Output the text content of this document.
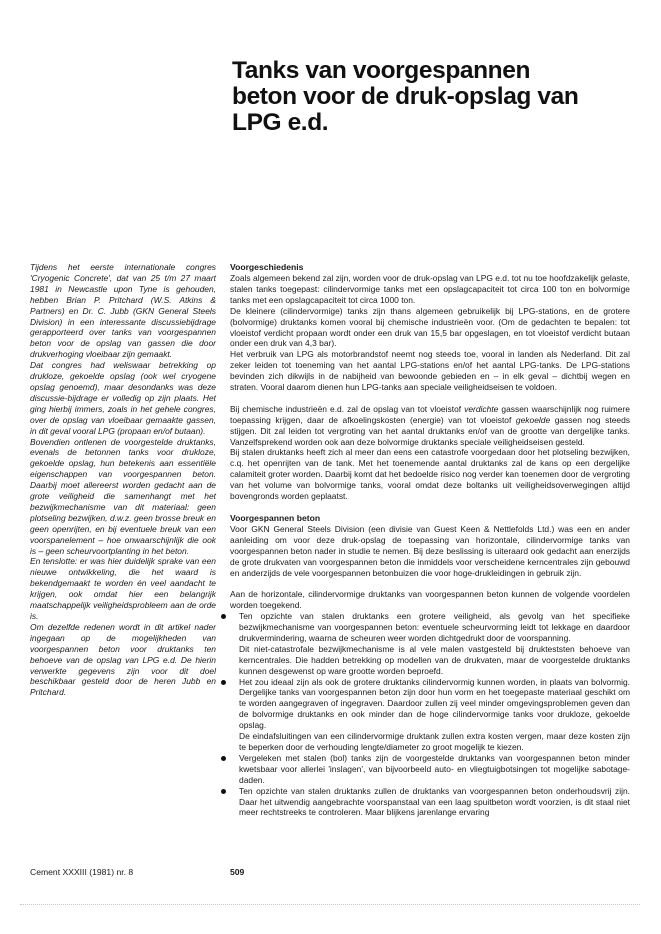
Tanks van voorgespannen
beton voor de druk-opslag van
LPG e.d.

Tijdens het eerste internationale congres 'Cryogenic Concrete', dat van 25 t/m 27 maart 1981 in Newcastle upon Tyne is gehouden, hebben Brian P. Pritchard (W.S. Atkins & Partners) en Dr. C. Jubb (GKN General Steels Division) in een interessante discussiebijdrage gerapporteerd over tanks van voorgespannen beton voor de opslag van gassen die door drukverhoging vloeibaar zijn gemaakt.

Dat congres had weliswaar betrekking op drukloze, gekoelde opslag (ook wel cryogene opslag genoemd), maar desondanks was deze discussie-bijdrage er volledig op zijn plaats. Het ging hierbij immers, zoals in het gehele congres, over de opslag van vloeibaar gemaakte gassen, in dit geval vooral LPG (propaan en/of butaan).

Bovendien ontlenen de voorgestelde druktanks, evenals de betonnen tanks voor drukloze, gekoelde opslag, hun betekenis aan essentiële eigenschappen van voorgespannen beton. Daarbij moet allereerst worden gedacht aan de grote veiligheid die samenhangt met het bezwijkmechanisme van dit materiaal: geen plotseling bezwijken, d.w.z. geen brosse breuk en geen openrijten, en bij eventuele breuk van een voorspanelement – hoe onwaarschijnlijk die ook is – geen scheurvoortplanting in het beton.

En tenslotte: er was hier duidelijk sprake van een nieuwe ontwikkeling, die het waard is bekendgemaakt te worden én veel aandacht te krijgen, ook omdat hier een belangrijk maatschappelijk veiligheidsprobleem aan de orde is.

Om dezelfde redenen wordt in dit artikel nader ingegaan op de mogelijkheden van voorgespannen beton voor druktanks ten behoeve van de opslag van LPG e.d. De hierin verwerkte gegevens zijn voor dit doel beschikbaar gesteld door de heren Jubb en Pritchard.

Voorgeschiedenis

Zoals algemeen bekend zal zijn, worden voor de druk-opslag van LPG e.d. tot nu toe hoofdzakelijk gelaste, stalen tanks toegepast: cilindervormige tanks met een opslagcapaciteit tot circa 100 ton en bolvormige tanks met een opslagcapaciteit tot circa 1000 ton.

De kleinere (cilindervormige) tanks zijn thans algemeen gebruikelijk bij LPG-stations, en de grotere (bolvormige) druktanks komen vooral bij chemische industrieën voor. (Om de gedachten te bepalen: tot vloeistof verdicht propaan wordt onder een druk van 15,5 bar opgeslagen, en tot vloeistof verdicht butaan onder een druk van 4,3 bar).

Het verbruik van LPG als motorbrandstof neemt nog steeds toe, vooral in landen als Nederland. Dit zal zeker leiden tot toeneming van het aantal LPG-stations en/of het aantal LPG-tanks. De LPG-stations bevinden zich dikwijls in de nabijheid van bewoonde gebieden en – in elk geval – dichtbij wegen en straten. Vooral daarom dienen hun LPG-tanks aan speciale veiligheidseisen te voldoen.

Bij chemische industrieën e.d. zal de opslag van tot vloeistof verdichte gassen waarschijnlijk nog ruimere toepassing krijgen, daar de afkoelingskosten (energie) van tot vloeistof gekoelde gassen nog steeds stijgen. Dit zal leiden tot vergroting van het aantal druktanks en/of van de grootte van dergelijke tanks. Vanzelfsprekend worden ook aan deze bolvormige druktanks speciale veiligheidseisen gesteld.

Bij stalen druktanks heeft zich al meer dan eens een catastrofe voorgedaan door het plotseling bezwijken, c.q. het openrijten van de tank. Met het toenemende aantal druktanks zal de kans op een dergelijke calamiteit groter worden. Daarbij komt dat het bedoelde risico nog verder kan toenemen door de vergroting van het volume van bolvormige tanks, vooral omdat deze boltanks uit veiligheidsoverwegingen altijd bovengronds worden geplaatst.

Voorgespannen beton

Voor GKN General Steels Division (een divisie van Guest Keen & Nettlefolds Ltd.) was een en ander aanleiding om voor deze druk-opslag de toepassing van horizontale, cilindervormige tanks van voorgespannen beton nader in studie te nemen. Bij deze beslissing is uiteraard ook gedacht aan enerzijds de grote drukvaten van voorgespannen beton die inmiddels voor verscheidene kerncentrales zijn gebouwd en anderzijds de vele voorgespannen betonbuizen die voor hoge-drukleidingen in gebruik zijn.

Aan de horizontale, cilindervormige druktanks van voorgespannen beton kunnen de volgende voordelen worden toegekend.

Ten opzichte van stalen druktanks een grotere veiligheid, als gevolg van het specifieke bezwijkmechanisme van voorgespannen beton: eventuele scheurvorming leidt tot lekkage en daardoor drukvermindering, waarna de scheuren weer worden dichtgedrukt door de voorspanning.
Dit niet-catastrofale bezwijkmechanisme is al vele malen vastgesteld bij drukteststen behoeve van kerncentrales. Die hadden betrekking op modellen van de drukvaten, maar de voorgestelde druktanks kunnen desgewenst op ware grootte worden beproefd.
Het zou ideaal zijn als ook de grotere druktanks cilindervormig kunnen worden, in plaats van bolvormig. Dergelijke tanks van voorgespannen beton zijn door hun vorm en het toegepaste materiaal geschikt om te worden aangegraven of ingegraven. Daardoor zullen zij veel minder omgevingsproblemen geven dan de bolvormige druktanks en ook minder dan de hoge cilindervormige tanks voor drukloze, gekoelde opslag.
De eindafsluitingen van een cilindervormige druktank zullen extra kosten vergen, maar deze kosten zijn te beperken door de verhouding lengte/diameter zo groot mogelijk te kiezen.
Vergeleken met stalen (bol) tanks zijn de voorgestelde druktanks van voorgespannen beton minder kwetsbaar voor allerlei 'inslagen', van bijvoorbeeld auto- en vliegtuigbotsingen tot mogelijke sabotage-daden.
Ten opzichte van stalen druktanks zullen de druktanks van voorgespannen beton onderhoudsvrij zijn. Daar het uitwendig aangebrachte voorspanstaal van een laag spuitbeton wordt voorzien, is dit staal niet meer rechtstreeks te controleren. Maar blijkens jarenlange ervaring
Cement XXXIII (1981) nr. 8	509
